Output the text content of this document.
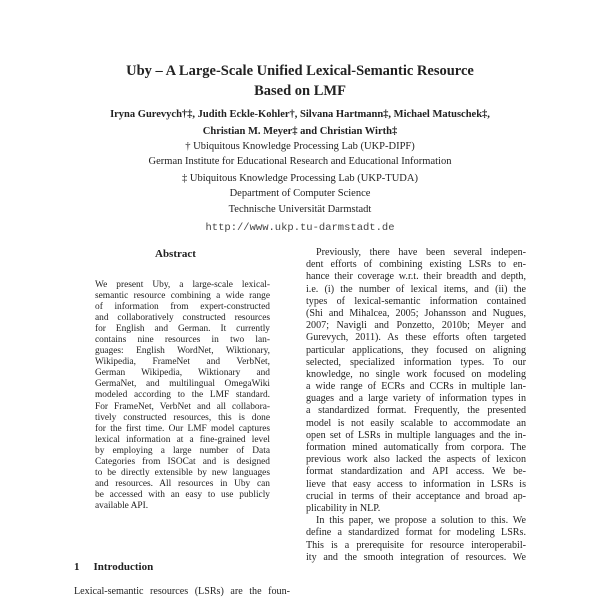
Uby – A Large-Scale Unified Lexical-Semantic Resource
Based on LMF
Iryna Gurevych†‡, Judith Eckle-Kohler†, Silvana Hartmann‡, Michael Matuschek‡,
Christian M. Meyer‡ and Christian Wirth‡
† Ubiquitous Knowledge Processing Lab (UKP-DIPF)
German Institute for Educational Research and Educational Information
‡ Ubiquitous Knowledge Processing Lab (UKP-TUDA)
Department of Computer Science
Technische Universität Darmstadt
http://www.ukp.tu-darmstadt.de
Abstract
We present Uby, a large-scale lexical-
semantic resource combining a wide range
of information from expert-constructed
and collaboratively constructed resources
for English and German. It currently
contains nine resources in two lan-
guages: English WordNet, Wiktionary,
Wikipedia, FrameNet and VerbNet,
German Wikipedia, Wiktionary and
GermaNet, and multilingual OmegaWiki
modeled according to the LMF standard.
For FrameNet, VerbNet and all collabora-
tively constructed resources, this is done
for the first time. Our LMF model captures
lexical information at a fine-grained level
by employing a large number of Data
Categories from ISOCat and is designed
to be directly extensible by new languages
and resources. All resources in Uby can
be accessed with an easy to use publicly
available API.
1 Introduction
Lexical-semantic resources (LSRs) are the foun-
Previously, there have been several indepen-
dent efforts of combining existing LSRs to en-
hance their coverage w.r.t. their breadth and depth,
i.e. (i) the number of lexical items, and (ii) the
types of lexical-semantic information contained
(Shi and Mihalcea, 2005; Johansson and Nugues,
2007; Navigli and Ponzetto, 2010b; Meyer and
Gurevych, 2011). As these efforts often targeted
particular applications, they focused on aligning
selected, specialized information types. To our
knowledge, no single work focused on modeling
a wide range of ECRs and CCRs in multiple lan-
guages and a large variety of information types in
a standardized format. Frequently, the presented
model is not easily scalable to accommodate an
open set of LSRs in multiple languages and the in-
formation mined automatically from corpora. The
previous work also lacked the aspects of lexicon
format standardization and API access. We be-
lieve that easy access to information in LSRs is
crucial in terms of their acceptance and broad ap-
plicability in NLP.
In this paper, we propose a solution to this. We
define a standardized format for modeling LSRs.
This is a prerequisite for resource interoperabil-
ity and the smooth integration of resources. We
